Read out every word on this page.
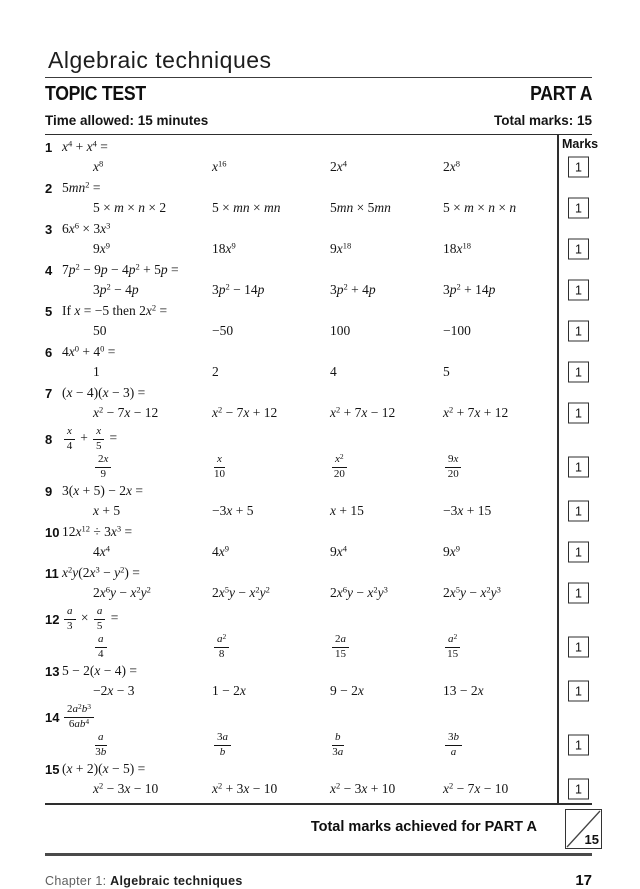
Algebraic techniques
TOPIC TEST	PART A
Time allowed: 15 minutes	Total marks: 15
Marks
1 $x^4 + x^4$ =
$x^8$	$x^{16}$	$2x^4$	$2x^8$	1
2 $5mn^2$ =
5 × m × n × 2	5 × mn × mn	5mn × 5mn	5 × m × n × n	1
3 $6x^6 \times 3x^3$
$9x^9$	$18x^9$	$9x^{18}$	$18x^{18}$	1
4 $7p^2 - 9p - 4p^2 + 5p$ =
$3p^2 - 4p$	$3p^2 - 14p$	$3p^2 + 4p$	$3p^2 + 14p$	1
5 If x = −5 then $2x^2$ =
50	−50	100	−100	1
6 $4x^0 + 4^0$ =
1	2	4	5	1
7 (x − 4)(x − 3) =
$x^2 - 7x - 12$	$x^2 - 7x + 12$	$x^2 + 7x - 12$	$x^2 + 7x + 12$	1
8	$\frac{x}{4} + \frac{x}{5}$ =
$\frac{2x}{9}$	$\frac{x}{10}$	$\frac{x^2}{20}$	$\frac{9x}{20}$	1
9 3(x + 5) − 2x =
x + 5	−3x + 5	x + 15	−3x + 15	1
10 $12x^{12} \div 3x^3$ =
$4x^4$	$4x^9$	$9x^4$	$9x^9$	1
11 $x^2y(2x^3 - y^2)$ =
$2x^6y - x^2y^2$	$2x^5y - x^2y^2$	$2x^6y - x^2y^3$	$2x^5y - x^2y^3$	1
$12 \frac{a}{3} \times \frac{a}{5}$ =
$\frac{a}{4}$	$\frac{a^2}{8}$	$\frac{2a}{15}$	$\frac{a^2}{15}$	1
13 5 − 2(x − 4) =
−2x − 3	1 − 2x	9 − 2x	13 − 2x	1
$14 \frac{2a^2b^3}{6ab^4}$
$\frac{a}{3b}$	$\frac{3a}{b}$	$\frac{b}{3a}$	$\frac{3b}{a}$	1
15 (x + 2)(x − 5) =
$x^2 - 3x - 10$	$x^2 + 3x - 10$	$x^2 - 3x + 10$	$x^2 - 7x - 10$	1
Total marks achieved for PART A
15
Chapter 1: Algebraic techniques	17
